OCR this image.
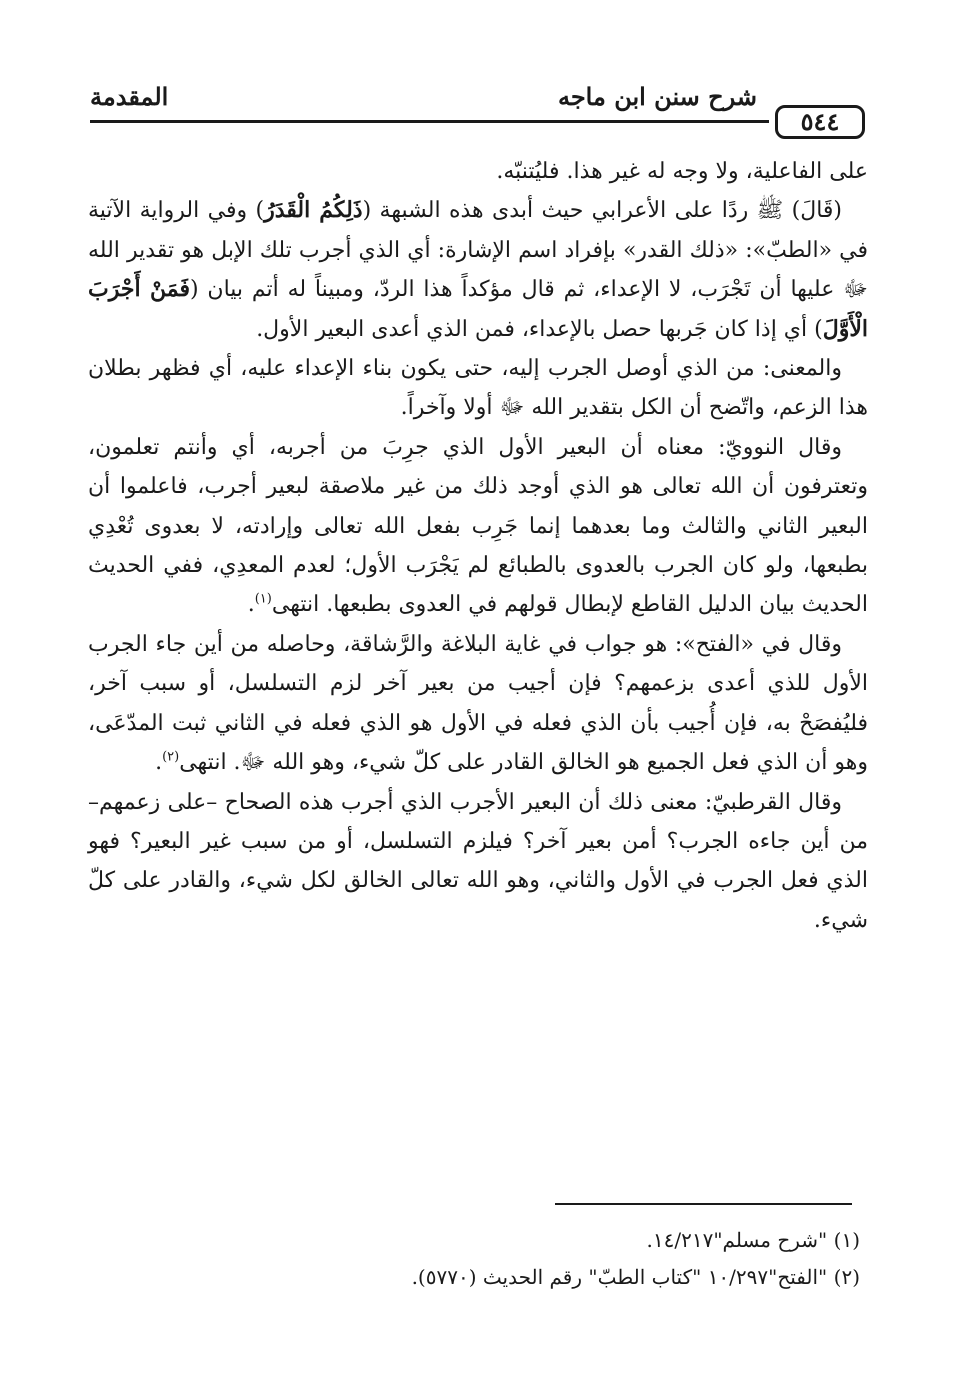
المقدمة	شرح سنن ابن ماجه
٥٤٤

على الفاعلية، ولا وجه له غير هذا. فليُتنبّه.

(قَالَ) ﷺ ردًا على الأعرابي حيث أبدى هذه الشبهة (ذَلِكُمُ الْقَدَرُ) وفي الرواية الآتية في «الطبّ»: «ذلك القدر» بإفراد اسم الإشارة: أي الذي أجرب تلك الإبل هو تقدير الله ﷻ عليها أن تَجْرَب، لا الإعداء، ثم قال مؤكداً هذا الردّ، ومبيناً له أتم بيان (فَمَنْ أَجْرَبَ الْأَوَّلَ) أي إذا كان جَربها حصل بالإعداء، فمن الذي أعدى البعير الأول.

والمعنى: من الذي أوصل الجرب إليه، حتى يكون بناء الإعداء عليه، أي فظهر بطلان هذا الزعم، واتّضح أن الكل بتقدير الله ﷻ أولا وآخراً.

وقال النوويّ: معناه أن البعير الأول الذي جرِبَ من أجربه، أي وأنتم تعلمون، وتعترفون أن الله تعالى هو الذي أوجد ذلك من غير ملاصقة لبعير أجرب، فاعلموا أن البعير الثاني والثالث وما بعدهما إنما جَرِب بفعل الله تعالى وإرادته، لا بعدوى تُعْدِي بطبعها، ولو كان الجرب بالعدوى بالطبائع لم يَجْرَب الأول؛ لعدم المعدِي، ففي الحديث الحديث بيان الدليل القاطع لإبطال قولهم في العدوى بطبعها. انتهى$^{(١)}$.

وقال في «الفتح»: هو جواب في غاية البلاغة والرَّشاقة، وحاصله من أين جاء الجرب الأول للذي أعدى بزعمهم؟ فإن أجيب من بعير آخر لزم التسلسل، أو سبب آخر، فليُفصَحْ به، فإن أُجيب بأن الذي فعله في الأول هو الذي فعله في الثاني ثبت المدّعَى، وهو أن الذي فعل الجميع هو الخالق القادر على كلّ شيء، وهو الله ﷻ. انتهى$^{(٢)}$.

وقال القرطبيّ: معنى ذلك أن البعير الأجرب الذي أجرب هذه الصحاح –على زعمهم– من أين جاءه الجرب؟ أمن بعير آخر؟ فيلزم التسلسل، أو من سبب غير البعير؟ فهو الذي فعل الجرب في الأول والثاني، وهو الله تعالى الخالق لكل شيء، والقادر على كلّ شيء.

(١) "شرح مسلم"١٤/٢١٧.

(٢) "الفتح"١٠/٢٩٧ "كتاب الطبّ" رقم الحديث (٥٧٧٠).
